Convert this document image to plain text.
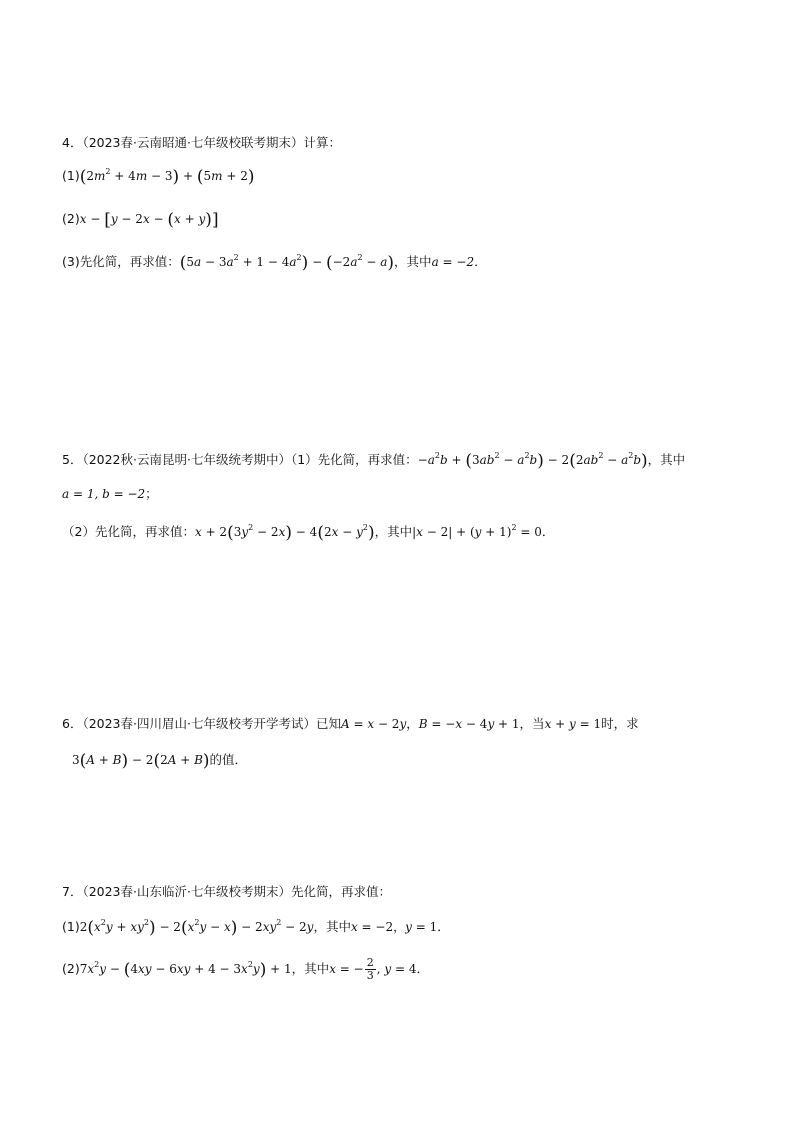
4．（2023春·云南昭通·七年级校联考期末）计算：
$(1)(2m^2 + 4m - 3) + (5m + 2)$
(2)x − [y − 2x − (x + y)]
(3)先化简，再求值：$(5a - 3a^2 + 1 - 4a^2) - (-2a^2 - a)$，其中a = −2．
5．（2022秋·云南昆明·七年级统考期中）（1）先化简，再求值：$-a^2b + (3ab^2 - a^2b) - 2(2ab^2 - a^2b)$，其中
a = 1, b = −2；
（2）先化简，再求值：$x + 2(3y^2 - 2x) - 4(2x - y^2)$，其中$|x - 2| + (y + 1)^2 = 0$．
6．（2023春·四川眉山·七年级校考开学考试）已知A = x − 2y，B = −x − 4y + 1，当x + y = 1时，求
3(A + B) − 2(2A + B)的值．
7．（2023春·山东临沂·七年级校考期末）先化简，再求值：
$(1)2(x^2y + xy^2) - 2(x^2y - x) - 2xy^2 - 2y$，其中x = −2，y = 1．
$(2)7x^2y - (4xy - 6xy + 4 - 3x^2y) + 1$，其中x = − $\frac{2}{3}$ , y = 4．
